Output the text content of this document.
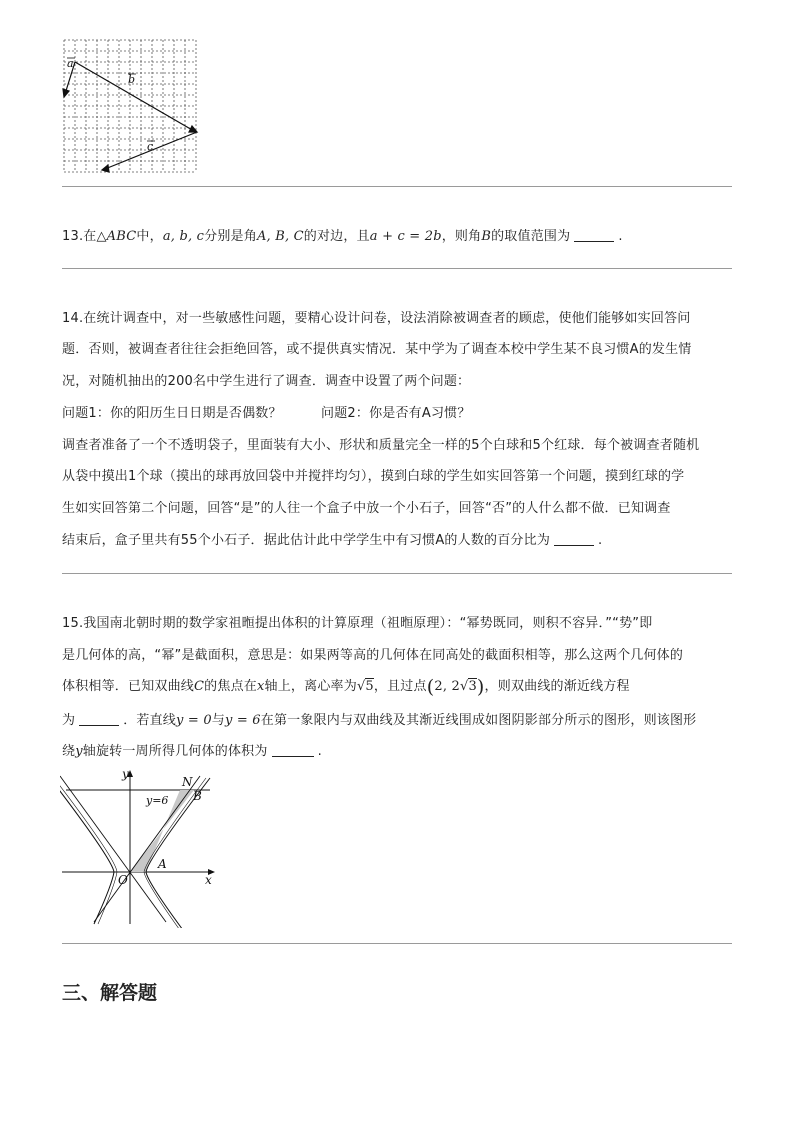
a
b
c
13.在△ABC中，a, b, c分别是角A, B, C的对边，且a + c = 2b，则角B的取值范围为	.
14.在统计调查中，对一些敏感性问题，要精心设计问卷，设法消除被调查者的顾虑，使他们能够如实回答问
题．否则，被调查者往往会拒绝回答，或不提供真实情况．某中学为了调查本校中学生某不良习惯A的发生情
况，对随机抽出的200名中学生进行了调查．调查中设置了两个问题：
问题1：你的阳历生日日期是否偶数？	问题2：你是否有A习惯？
调查者准备了一个不透明袋子，里面装有大小、形状和质量完全一样的5个白球和5个红球．每个被调查者随机
从袋中摸出1个球（摸出的球再放回袋中并搅拌均匀），摸到白球的学生如实回答第一个问题，摸到红球的学
生如实回答第二个问题，回答“是”的人往一个盒子中放一个小石子，回答“否”的人什么都不做．已知调查
结束后，盒子里共有55个小石子．据此估计此中学学生中有习惯A的人数的百分比为	.
15.我国南北朝时期的数学家祖暅提出体积的计算原理（祖暅原理）：“幂势既同，则积不容异．”“势”即
是几何体的高，“幂”是截面积，意思是：如果两等高的几何体在同高处的截面积相等，那么这两个几何体的
体积相等．已知双曲线C的焦点在x轴上，离心率为√5，且过点(2, 2√3)，则双曲线的渐近线方程
为	．若直线y = 0与y = 6在第一象限内与双曲线及其渐近线围成如图阴影部分所示的图形，则该图形
绕y轴旋转一周所得几何体的体积为	.
y
x
O
A
B
N
y=6
三、解答题
